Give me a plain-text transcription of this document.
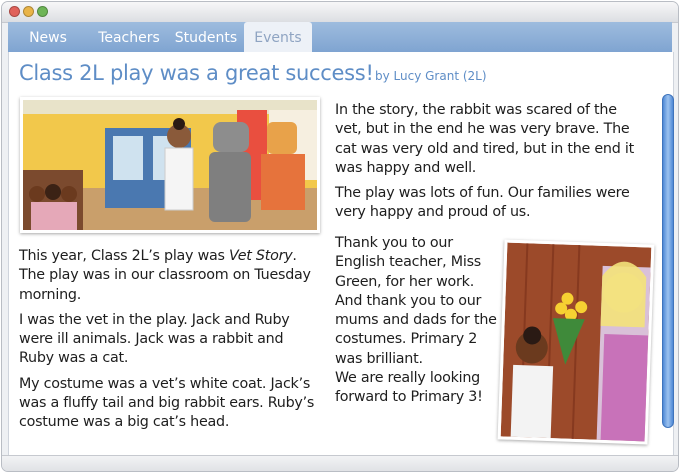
News	Teachers	Students	Events
Class 2L play was a great success! by Lucy Grant (2L)

This year, Class 2L’s play was Vet Story. The play was in our classroom on Tuesday morning.

I was the vet in the play. Jack and Ruby were ill animals. Jack was a rabbit and Ruby was a cat.

My costume was a vet’s white coat. Jack’s was a fluffy tail and big rabbit ears. Ruby’s costume was a big cat’s head.

In the story, the rabbit was scared of the vet, but in the end he was very brave. The cat was very old and tired, but in the end it was happy and well.

The play was lots of fun. Our families were very happy and proud of us.

Thank you to our English teacher, Miss Green, for her work. And thank you to our mums and dads for the costumes. Primary 2 was brilliant.

We are really looking forward to Primary 3!
